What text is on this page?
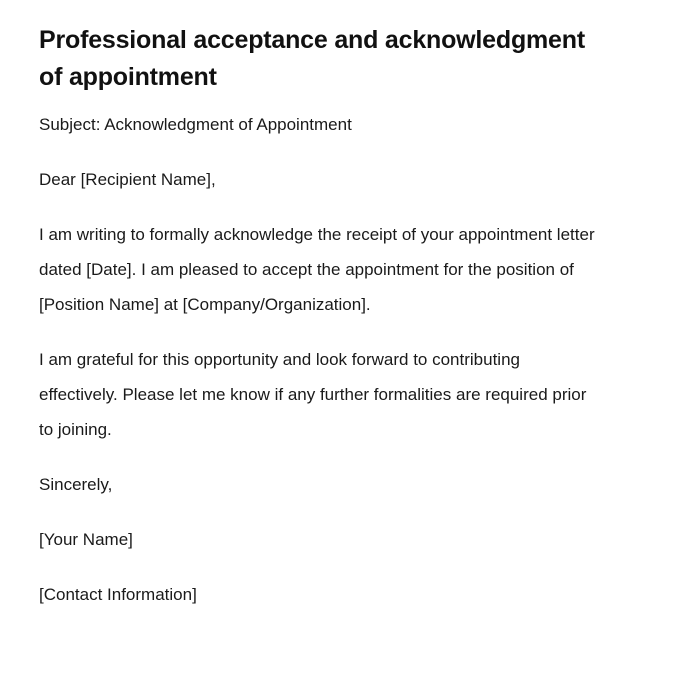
Professional acceptance and acknowledgment of appointment

Subject: Acknowledgment of Appointment

Dear [Recipient Name],

I am writing to formally acknowledge the receipt of your appointment letter dated [Date]. I am pleased to accept the appointment for the position of [Position Name] at [Company/Organization].

I am grateful for this opportunity and look forward to contributing effectively. Please let me know if any further formalities are required prior to joining.

Sincerely,

[Your Name]

[Contact Information]
